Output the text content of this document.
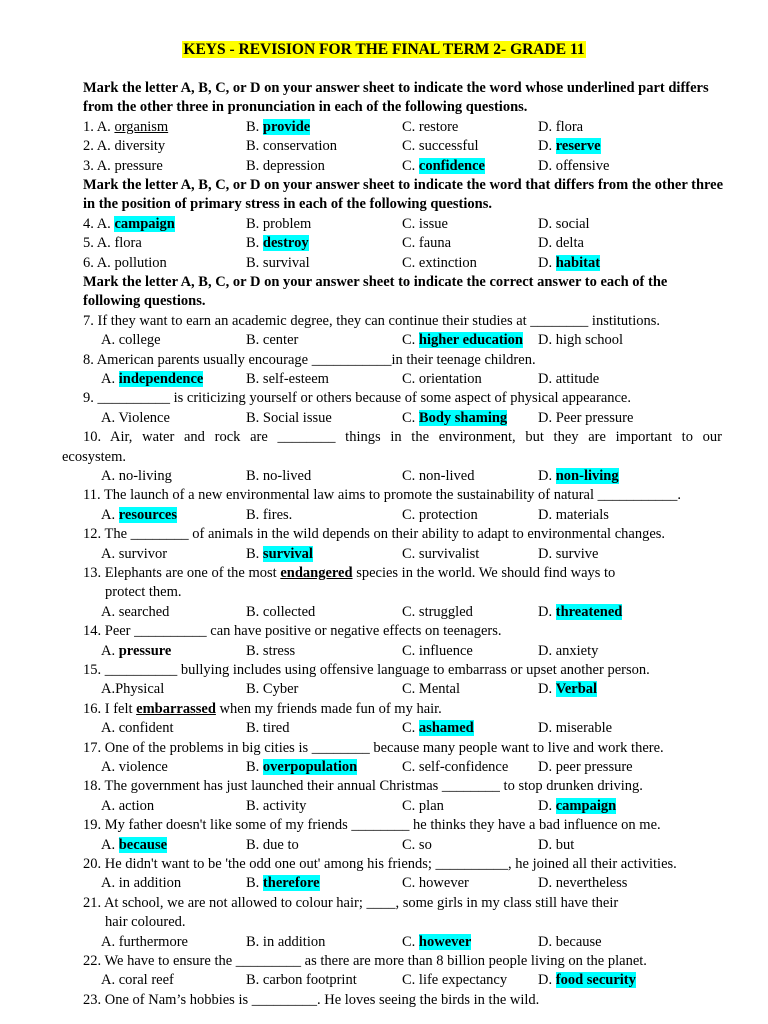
KEYS - REVISION FOR THE FINAL TERM 2- GRADE 11
Mark the letter A, B, C, or D on your answer sheet to indicate the word whose underlined part differs from the other three in pronunciation in each of the following questions.
1. A. organism	B. provide	C. restore	D. flora
2. A. diversity	B. conservation	C. successful	D. reserve
3. A. pressure	B. depression	C. confidence	D. offensive
Mark the letter A, B, C, or D on your answer sheet to indicate the word that differs from the other three in the position of primary stress in each of the following questions.
4. A. campaign	B. problem	C. issue	D. social
5. A. flora	B. destroy	C. fauna	D. delta
6. A. pollution	B. survival	C. extinction	D. habitat
Mark the letter A, B, C, or D on your answer sheet to indicate the correct answer to each of the following questions.
7. If they want to earn an academic degree, they can continue their studies at ________ institutions.
A. college	B. center	C. higher education D. high school
8. American parents usually encourage ___________in their teenage children.
A. independence	B. self-esteem	C. orientation	D. attitude
9. __________ is criticizing yourself or others because of some aspect of physical appearance.
A. Violence	B. Social issue	C. Body shaming D. Peer pressure
10. Air, water and rock are ________ things in the environment, but they are important to our
ecosystem.
A. no-living	B. no-lived	C. non-lived	D. non-living
11. The launch of a new environmental law aims to promote the sustainability of natural ___________.
A. resources	B. fires.	C. protection	D. materials
12. The ________ of animals in the wild depends on their ability to adapt to environmental changes.
A. survivor	B. survival	C. survivalist	D. survive
13. Elephants are one of the most endangered species in the world. We should find ways to
protect them.
A. searched	B. collected	C. struggled	D. threatened
14. Peer __________ can have positive or negative effects on teenagers.
A. pressure	B. stress	C. influence	D. anxiety
15. __________ bullying includes using offensive language to embarrass or upset another person.
A.Physical	B. Cyber	C. Mental	D. Verbal
16. I felt embarrassed when my friends made fun of my hair.
A. confident	B. tired	C. ashamed	D. miserable
17. One of the problems in big cities is ________ because many people want to live and work there.
A. violence	B. overpopulation	C. self-confidence D. peer pressure
18. The government has just launched their annual Christmas ________ to stop drunken driving.
A. action	B. activity	C. plan	D. campaign
19. My father doesn't like some of my friends ________ he thinks they have a bad influence on me.
A. because	B. due to	C. so	D. but
20. He didn't want to be 'the odd one out' among his friends; __________, he joined all their activities.
A. in addition	B. therefore	C. however	D. nevertheless
21. At school, we are not allowed to colour hair; ____, some girls in my class still have their
hair coloured.
A. furthermore	B. in addition	C. however	D. because
22. We have to ensure the _________ as there are more than 8 billion people living on the planet.
A. coral reef	B. carbon footprint	C. life expectancy D. food security
23. One of Nam’s hobbies is _________. He loves seeing the birds in the wild.
